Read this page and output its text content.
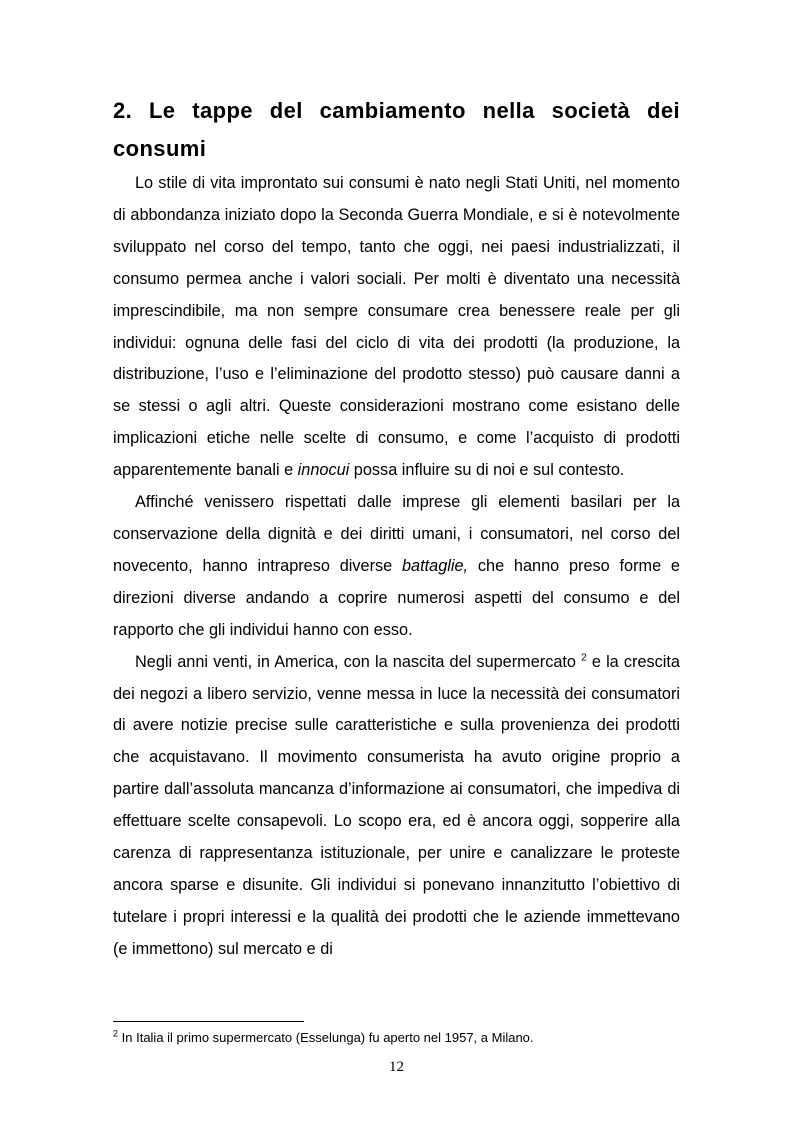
2. Le tappe del cambiamento nella società dei consumi

Lo stile di vita improntato sui consumi è nato negli Stati Uniti, nel momento di abbondanza iniziato dopo la Seconda Guerra Mondiale, e si è notevolmente sviluppato nel corso del tempo, tanto che oggi, nei paesi industrializzati, il consumo permea anche i valori sociali. Per molti è diventato una necessità imprescindibile, ma non sempre consumare crea benessere reale per gli individui: ognuna delle fasi del ciclo di vita dei prodotti (la produzione, la distribuzione, l’uso e l’eliminazione del prodotto stesso) può causare danni a se stessi o agli altri. Queste considerazioni mostrano come esistano delle implicazioni etiche nelle scelte di consumo, e come l’acquisto di prodotti apparentemente banali e innocui possa influire su di noi e sul contesto.

Affinché venissero rispettati dalle imprese gli elementi basilari per la conservazione della dignità e dei diritti umani, i consumatori, nel corso del novecento, hanno intrapreso diverse battaglie, che hanno preso forme e direzioni diverse andando a coprire numerosi aspetti del consumo e del rapporto che gli individui hanno con esso.

Negli anni venti, in America, con la nascita del supermercato $^2$ e la crescita dei negozi a libero servizio, venne messa in luce la necessità dei consumatori di avere notizie precise sulle caratteristiche e sulla provenienza dei prodotti che acquistavano. Il movimento consumerista ha avuto origine proprio a partire dall’assoluta mancanza d’informazione ai consumatori, che impediva di effettuare scelte consapevoli. Lo scopo era, ed è ancora oggi, sopperire alla carenza di rappresentanza istituzionale, per unire e canalizzare le proteste ancora sparse e disunite. Gli individui si ponevano innanzitutto l’obiettivo di tutelare i propri interessi e la qualità dei prodotti che le aziende immettevano (e immettono) sul mercato e di

$^2$ In Italia il primo supermercato (Esselunga) fu aperto nel 1957, a Milano.

12
